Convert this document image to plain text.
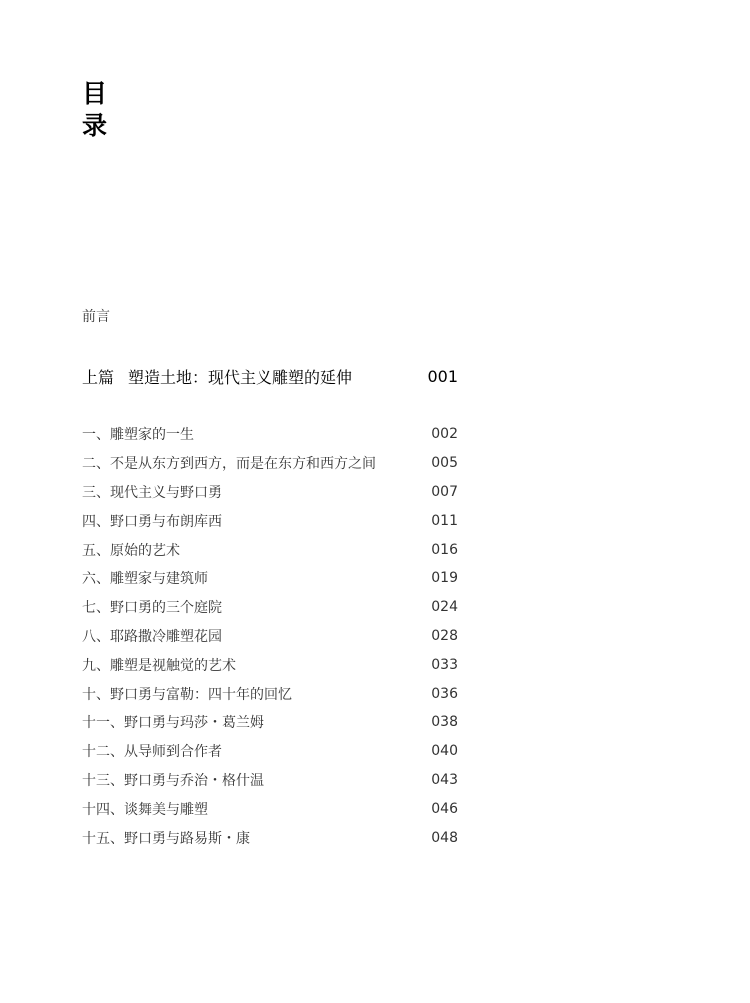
目
录
前言
上篇 塑造土地：现代主义雕塑的延伸	001
一、雕塑家的一生	002
二、不是从东方到西方，而是在东方和西方之间	005
三、现代主义与野口勇	007
四、野口勇与布朗库西	011
五、原始的艺术	016
六、雕塑家与建筑师	019
七、野口勇的三个庭院	024
八、耶路撒冷雕塑花园	028
九、雕塑是视触觉的艺术	033
十、野口勇与富勒：四十年的回忆	036
十一、野口勇与玛莎・葛兰姆	038
十二、从导师到合作者	040
十三、野口勇与乔治・格什温	043
十四、谈舞美与雕塑	046
十五、野口勇与路易斯・康	048
